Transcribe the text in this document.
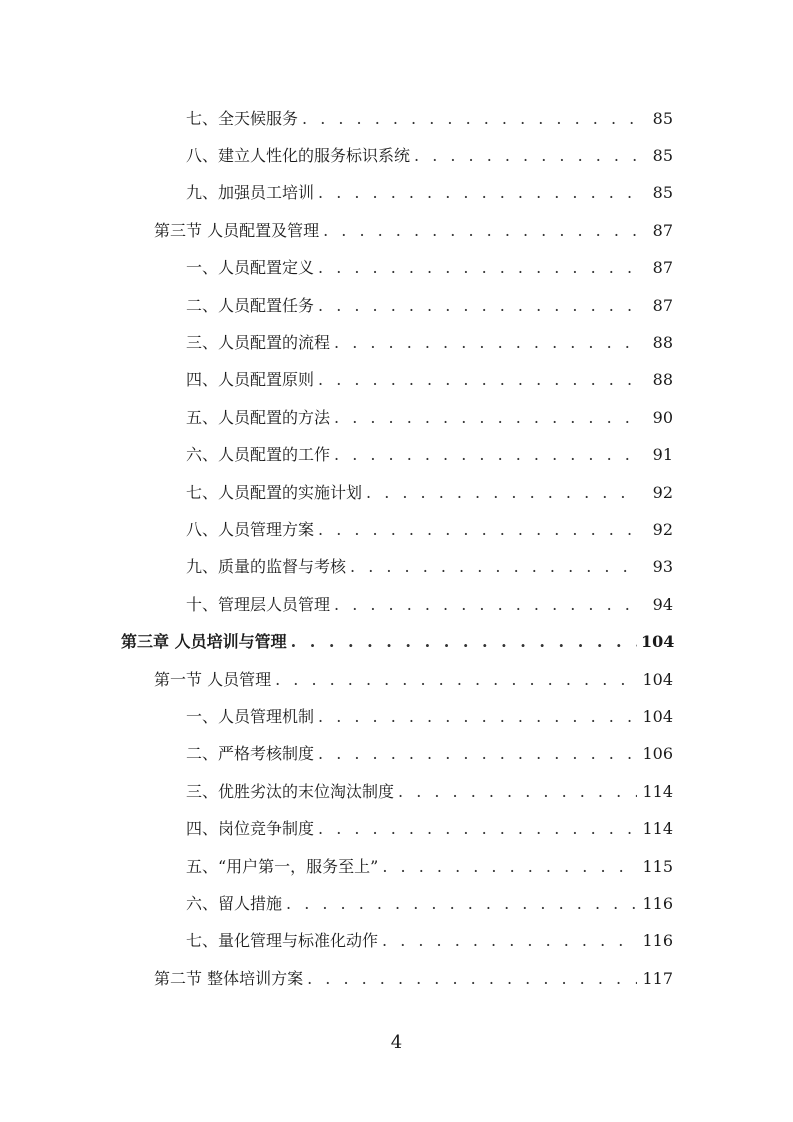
七、全天候服务 . . .	85
八、建立人性化的服务标识系统 . . .	85
九、加强员工培训 . . .	85
第三节 人员配置及管理 . . .	87
一、人员配置定义 . . .	87
二、人员配置任务 . . .	87
三、人员配置的流程 . . .	88
四、人员配置原则 . . .	88
五、人员配置的方法 . . .	90
六、人员配置的工作 . . .	91
七、人员配置的实施计划 . . .	92
八、人员管理方案 . . .	92
九、质量的监督与考核 . . .	93
十、管理层人员管理 . . .	94
第三章 人员培训与管理 . . .	104
第一节 人员管理 . . .	104
一、人员管理机制 . . .	104
二、严格考核制度 . . .	106
三、优胜劣汰的末位淘汰制度 . . .	114
四、岗位竞争制度 . . .	114
五、“用户第一，服务至上” . . .	115
六、留人措施 . . .	116
七、量化管理与标准化动作 . . .	116
第二节 整体培训方案 . . .	117
4
